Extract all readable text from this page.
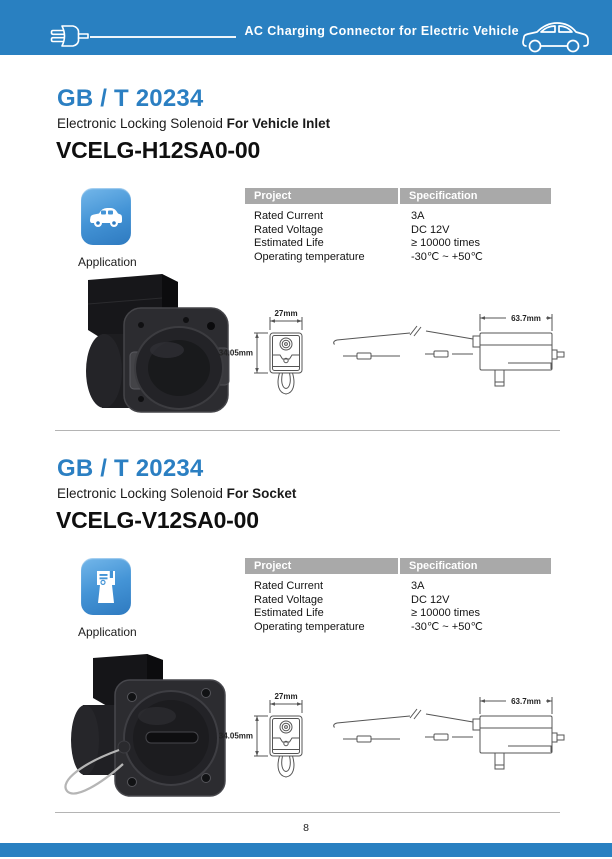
AC Charging Connector for Electric Vehicle
GB / T 20234

Electronic Locking Solenoid For Vehicle Inlet

VCELG-H12SA0-00
Application
Project	Specification
Rated Current	3A
Rated Voltage	DC 12V
Estimated Life	≥ 10000 times
Operating temperature	-30℃ ~ +50℃
27mm
34.05mm
63.7mm
GB / T 20234

Electronic Locking Solenoid For Socket

VCELG-V12SA0-00
Application
Project	Specification
Rated Current	3A
Rated Voltage	DC 12V
Estimated Life	≥ 10000 times
Operating temperature	-30℃ ~ +50℃
27mm
34.05mm
63.7mm
8
